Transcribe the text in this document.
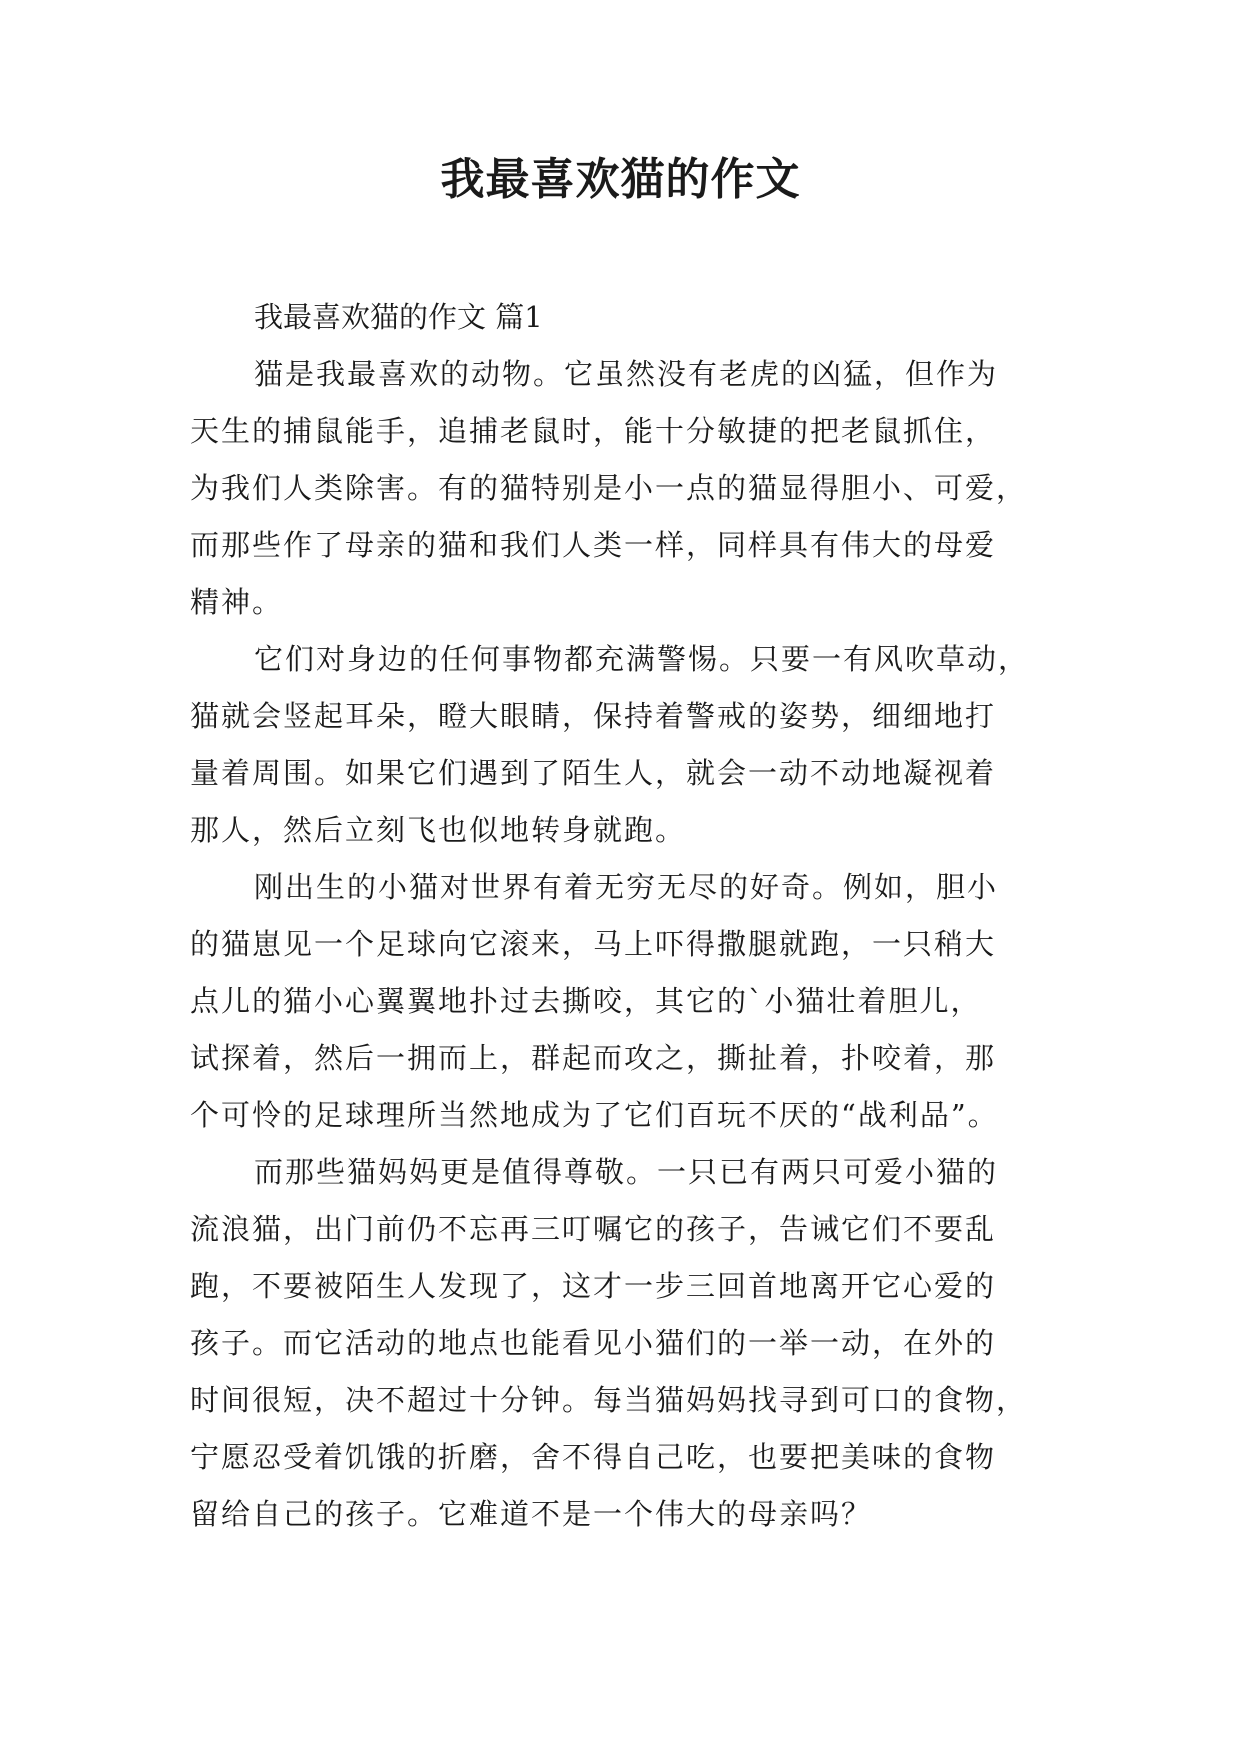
我最喜欢猫的作文

我最喜欢猫的作文 篇1

猫是我最喜欢的动物。它虽然没有老虎的凶猛，但作为
天生的捕鼠能手，追捕老鼠时，能十分敏捷的把老鼠抓住，
为我们人类除害。有的猫特别是小一点的猫显得胆小、可爱，
而那些作了母亲的猫和我们人类一样，同样具有伟大的母爱
精神。

它们对身边的任何事物都充满警惕。只要一有风吹草动，
猫就会竖起耳朵，瞪大眼睛，保持着警戒的姿势，细细地打
量着周围。如果它们遇到了陌生人，就会一动不动地凝视着
那人，然后立刻飞也似地转身就跑。

刚出生的小猫对世界有着无穷无尽的好奇。例如，胆小
的猫崽见一个足球向它滚来，马上吓得撒腿就跑，一只稍大
点儿的猫小心翼翼地扑过去撕咬，其它的`小猫壮着胆儿，
试探着，然后一拥而上，群起而攻之，撕扯着，扑咬着，那
个可怜的足球理所当然地成为了它们百玩不厌的“战利品”。

而那些猫妈妈更是值得尊敬。一只已有两只可爱小猫的
流浪猫，出门前仍不忘再三叮嘱它的孩子，告诫它们不要乱
跑，不要被陌生人发现了，这才一步三回首地离开它心爱的
孩子。而它活动的地点也能看见小猫们的一举一动，在外的
时间很短，决不超过十分钟。每当猫妈妈找寻到可口的食物，
宁愿忍受着饥饿的折磨，舍不得自己吃，也要把美味的食物
留给自己的孩子。它难道不是一个伟大的母亲吗？
